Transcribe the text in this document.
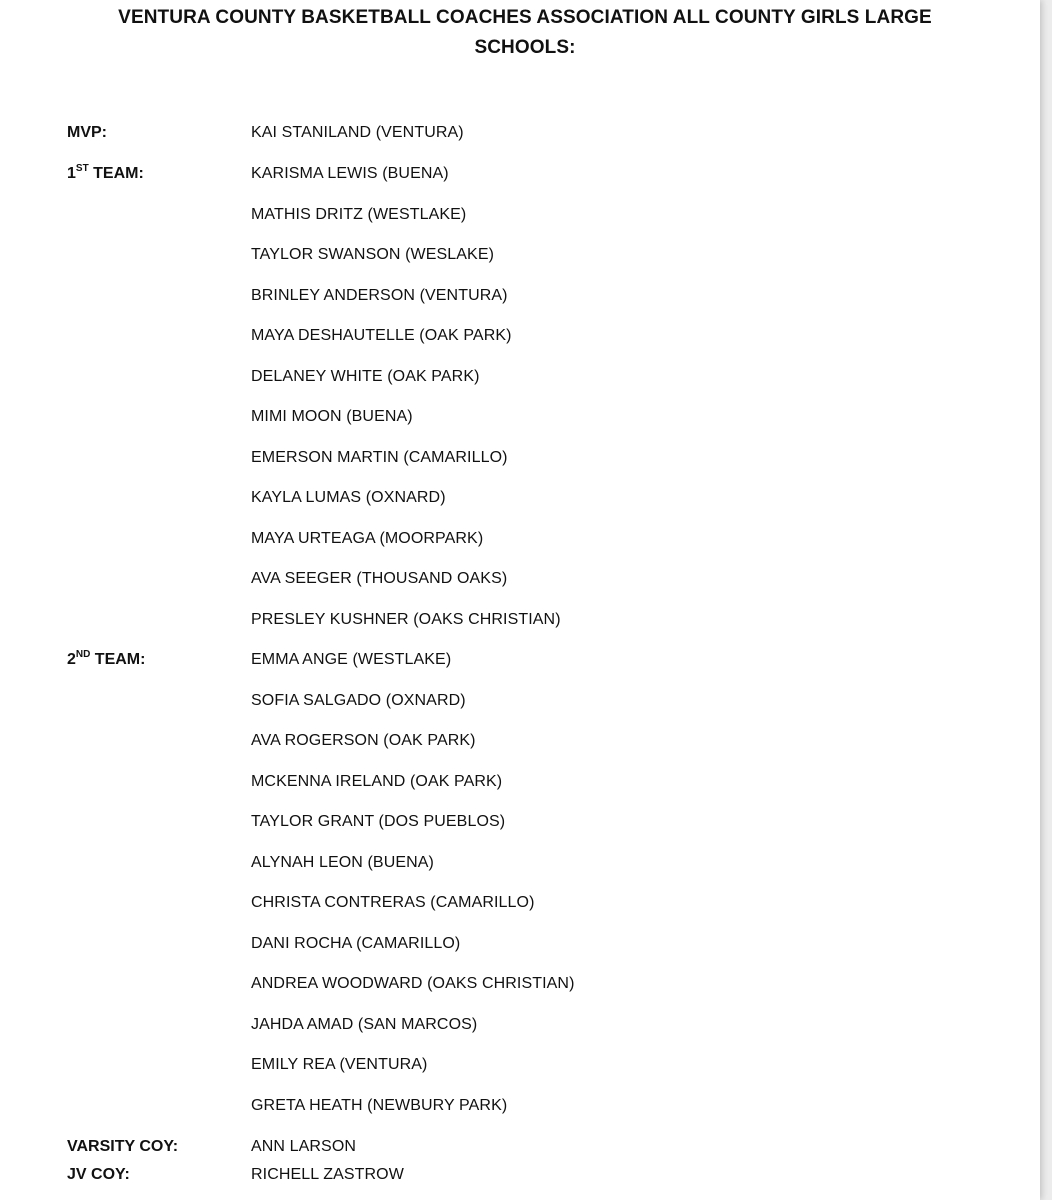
VENTURA COUNTY BASKETBALL COACHES ASSOCIATION ALL COUNTY GIRLS LARGE
SCHOOLS:
MVP:	KAI STANILAND (VENTURA)
1ST TEAM:	KARISMA LEWIS (BUENA)
MATHIS DRITZ (WESTLAKE)
TAYLOR SWANSON (WESLAKE)
BRINLEY ANDERSON (VENTURA)
MAYA DESHAUTELLE (OAK PARK)
DELANEY WHITE (OAK PARK)
MIMI MOON (BUENA)
EMERSON MARTIN (CAMARILLO)
KAYLA LUMAS (OXNARD)
MAYA URTEAGA (MOORPARK)
AVA SEEGER (THOUSAND OAKS)
PRESLEY KUSHNER (OAKS CHRISTIAN)
2ND TEAM:	EMMA ANGE (WESTLAKE)
SOFIA SALGADO (OXNARD)
AVA ROGERSON (OAK PARK)
MCKENNA IRELAND (OAK PARK)
TAYLOR GRANT (DOS PUEBLOS)
ALYNAH LEON (BUENA)
CHRISTA CONTRERAS (CAMARILLO)
DANI ROCHA (CAMARILLO)
ANDREA WOODWARD (OAKS CHRISTIAN)
JAHDA AMAD (SAN MARCOS)
EMILY REA (VENTURA)
GRETA HEATH (NEWBURY PARK)
VARSITY COY:	ANN LARSON
JV COY:	RICHELL ZASTROW
